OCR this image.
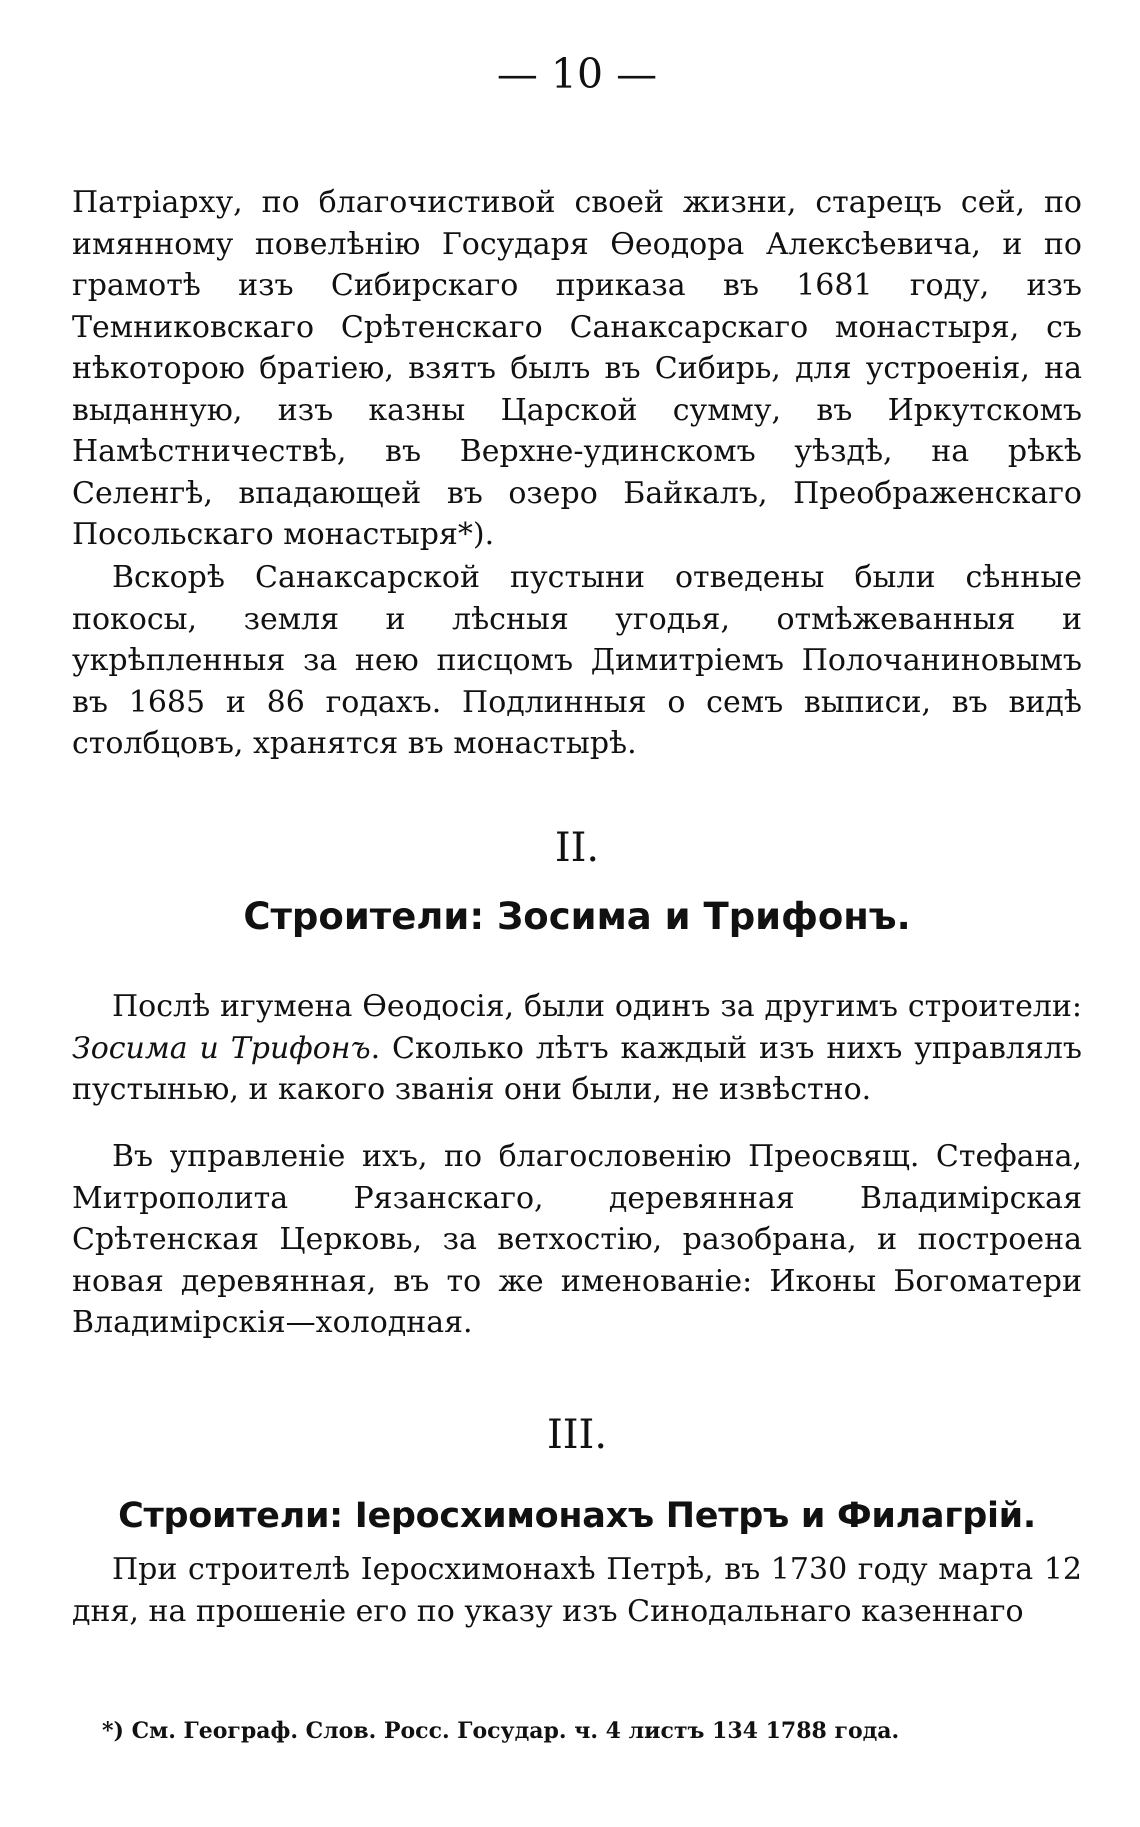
— 10 —

Патріарху, по благочистивой своей жизни, старецъ сей, по имянному повелѣнію Государя Ѳеодора Алексѣевича, и по грамотѣ изъ Сибирскаго приказа въ 1681 году, изъ Темниковскаго Срѣтенскаго Санаксарскаго монастыря, съ нѣкоторою братіею, взятъ былъ въ Сибирь, для устроенія, на выданную, изъ казны Царской сумму, въ Иркутскомъ Намѣстничествѣ, въ Верхне-удинскомъ уѣздѣ, на рѣкѣ Селенгѣ, впадающей въ озеро Байкалъ, Преображенскаго Посольскаго монастыря*).

Вскорѣ Санаксарской пустыни отведены были сѣнные покосы, земля и лѣсныя угодья, отмѣжеванныя и укрѣпленныя за нею писцомъ Димитріемъ Полочаниновымъ въ 1685 и 86 годахъ. Подлинныя о семъ выписи, въ видѣ столбцовъ, хранятся въ монастырѣ.

II.
Строители: Зосима и Трифонъ.

Послѣ игумена Ѳеодосія, были одинъ за другимъ строители: Зосима и Трифонъ. Сколько лѣтъ каждый изъ нихъ управлялъ пустынью, и какого званія они были, не извѣстно.

Въ управленіе ихъ, по благословенію Преосвящ. Стефана, Митрополита Рязанскаго, деревянная Владимірская Срѣтенская Церковь, за ветхостію, разобрана, и построена новая деревянная, въ то же именованіе: Иконы Богоматери Владимірскія—холодная.

III.
Строители: Іеросхимонахъ Петръ и Филагрій.

При строителѣ Іеросхимонахѣ Петрѣ, въ 1730 году марта 12 дня, на прошеніе его по указу изъ Синодальнаго казеннаго

*) См. Географ. Слов. Росс. Государ. ч. 4 листъ 134 1788 года.
